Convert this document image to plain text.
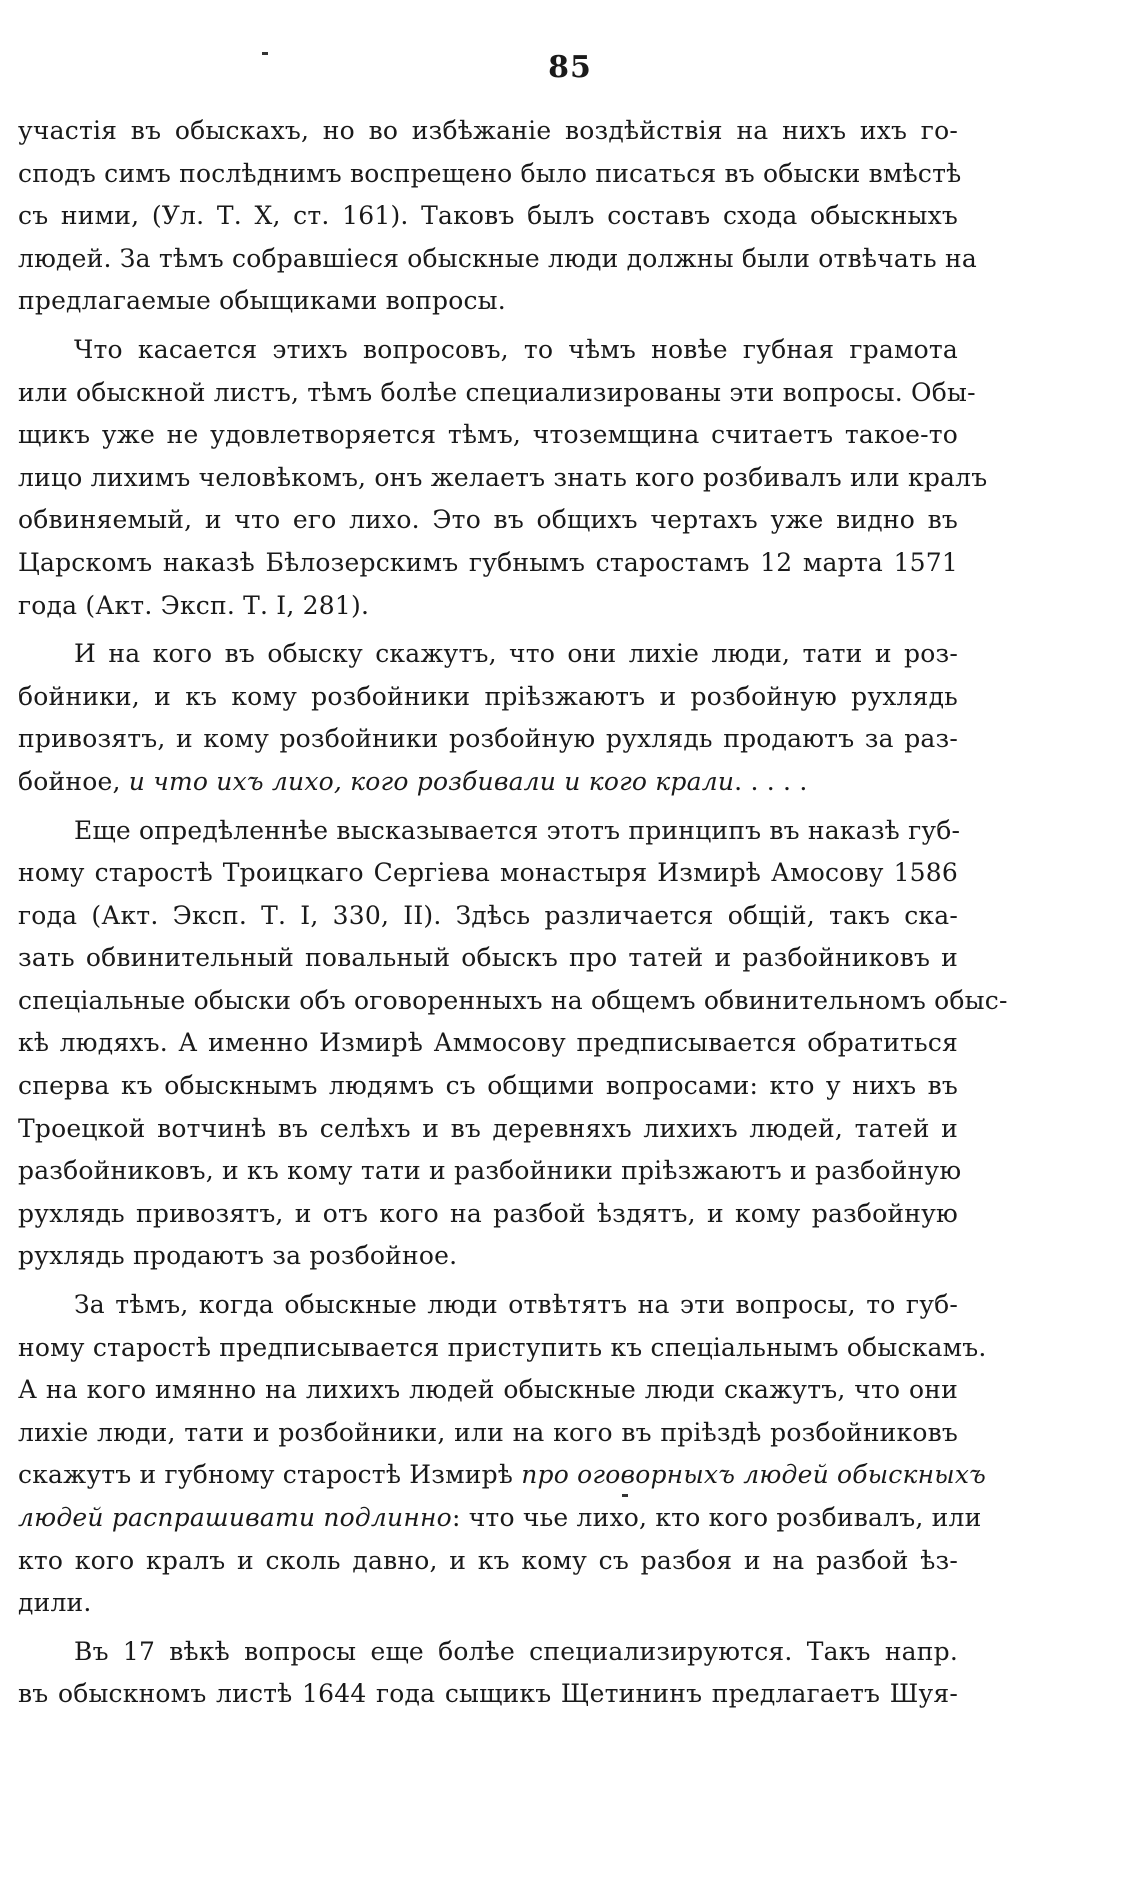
85
участія въ обыскахъ, но во избѣжаніе воздѣйствія на нихъ ихъ го-
сподъ симъ послѣднимъ воспрещено было писаться въ обыски вмѣстѣ
съ ними, (Ул. Т. X, ст. 161). Таковъ былъ составъ схода обыскныхъ
людей. За тѣмъ собравшіеся обыскные люди должны были отвѣчать на
предлагаемые обыщиками вопросы.
Что касается этихъ вопросовъ, то чѣмъ новѣе губная грамота
или обыскной листъ, тѣмъ болѣе специализированы эти вопросы. Обы-
щикъ уже не удовлетворяется тѣмъ, чтоземщина считаетъ такое-то
лицо лихимъ человѣкомъ, онъ желаетъ знать кого розбивалъ или кралъ
обвиняемый, и что его лихо. Это въ общихъ чертахъ уже видно въ
Царскомъ наказѣ Бѣлозерскимъ губнымъ старостамъ 12 марта 1571
года (Акт. Эксп. Т. I, 281).
И на кого въ обыску скажутъ, что они лихіе люди, тати и роз-
бойники, и къ кому розбойники пріѣзжаютъ и розбойную рухлядь
привозятъ, и кому розбойники розбойную рухлядь продаютъ за раз-
бойное, и что ихъ лихо, кого розбивали и кого крали. . . . .
Еще опредѣленнѣе высказывается этотъ принципъ въ наказѣ губ-
ному старостѣ Троицкаго Сергіева монастыря Измирѣ Амосову 1586
года (Акт. Эксп. Т. I, 330, II). Здѣсь различается общій, такъ ска-
зать обвинительный повальный обыскъ про татей и разбойниковъ и
спеціальные обыски объ оговоренныхъ на общемъ обвинительномъ обыс-
кѣ людяхъ. А именно Измирѣ Аммосову предписывается обратиться
сперва къ обыскнымъ людямъ съ общими вопросами: кто у нихъ въ
Троецкой вотчинѣ въ селѣхъ и въ деревняхъ лихихъ людей, татей и
разбойниковъ, и къ кому тати и разбойники пріѣзжаютъ и разбойную
рухлядь привозятъ, и отъ кого на разбой ѣздятъ, и кому разбойную
рухлядь продаютъ за розбойное.
За тѣмъ, когда обыскные люди отвѣтятъ на эти вопросы, то губ-
ному старостѣ предписывается приступить къ спеціальнымъ обыскамъ.
А на кого имянно на лихихъ людей обыскные люди скажутъ, что они
лихіе люди, тати и розбойники, или на кого въ пріѣздѣ розбойниковъ
скажутъ и губному старостѣ Измирѣ про оговорныхъ людей обыскныхъ
людей распрашивати подлинно: что чье лихо, кто кого розбивалъ, или
кто кого кралъ и сколь давно, и къ кому съ разбоя и на разбой ѣз-
дили.
Въ 17 вѣкѣ вопросы еще болѣе специализируются. Такъ напр.
въ обыскномъ листѣ 1644 года сыщикъ Щетининъ предлагаетъ Шуя-
